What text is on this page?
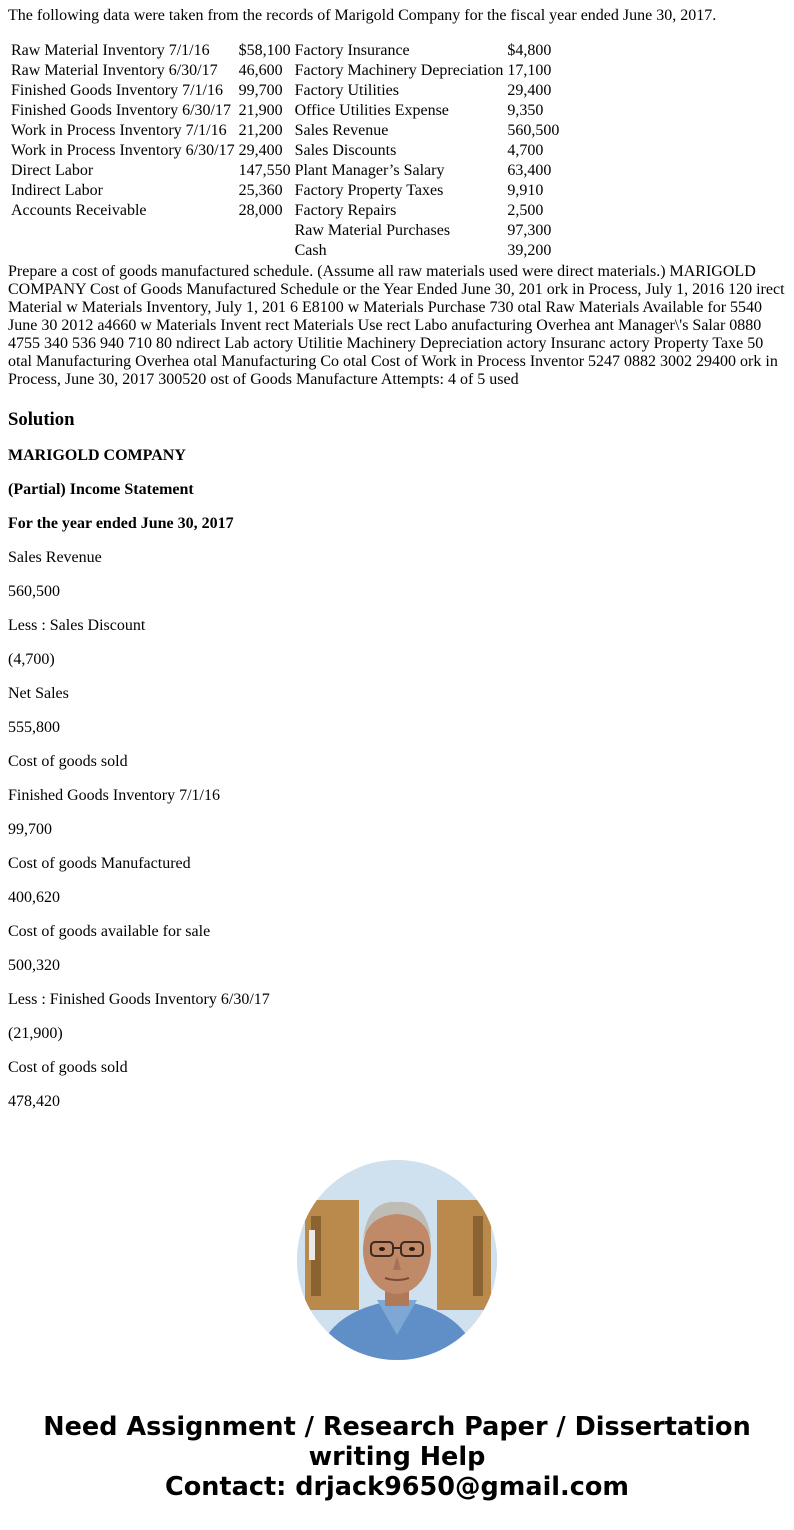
The following data were taken from the records of Marigold Company for the fiscal year ended June 30, 2017.

Raw Material Inventory 7/1/16	$58,100	Factory Insurance	$4,800
Raw Material Inventory 6/30/17	46,600	Factory Machinery Depreciation	17,100
Finished Goods Inventory 7/1/16	99,700	Factory Utilities	29,400
Finished Goods Inventory 6/30/17	21,900	Office Utilities Expense	9,350
Work in Process Inventory 7/1/16	21,200	Sales Revenue	560,500
Work in Process Inventory 6/30/17	29,400	Sales Discounts	4,700
Direct Labor	147,550	Plant Manager’s Salary	63,400
Indirect Labor	25,360	Factory Property Taxes	9,910
Accounts Receivable	28,000	Factory Repairs	2,500
		Raw Material Purchases	97,300
		Cash	39,200

Prepare a cost of goods manufactured schedule. (Assume all raw materials used were direct materials.) MARIGOLD COMPANY Cost of Goods Manufactured Schedule or the Year Ended June 30, 201 ork in Process, July 1, 2016 120 irect Material w Materials Inventory, July 1, 201 6 E8100 w Materials Purchase 730 otal Raw Materials Available for 5540 June 30 2012 a4660 w Materials Invent rect Materials Use rect Labo anufacturing Overhea ant Manager\'s Salar 0880 4755 340 536 940 710 80 ndirect Lab actory Utilitie Machinery Depreciation actory Insuranc actory Property Taxe 50 otal Manufacturing Overhea otal Manufacturing Co otal Cost of Work in Process Inventor 5247 0882 3002 29400 ork in Process, June 30, 2017 300520 ost of Goods Manufacture Attempts: 4 of 5 used

Solution

MARIGOLD COMPANY

(Partial) Income Statement

For the year ended June 30, 2017

Sales Revenue

560,500

Less : Sales Discount

(4,700)

Net Sales

555,800

Cost of goods sold

Finished Goods Inventory 7/1/16

99,700

Cost of goods Manufactured

400,620

Cost of goods available for sale

500,320

Less : Finished Goods Inventory 6/30/17

(21,900)

Cost of goods sold

478,420

Need Assignment / Research Paper / Dissertation writing Help
Contact: drjack9650@gmail.com
